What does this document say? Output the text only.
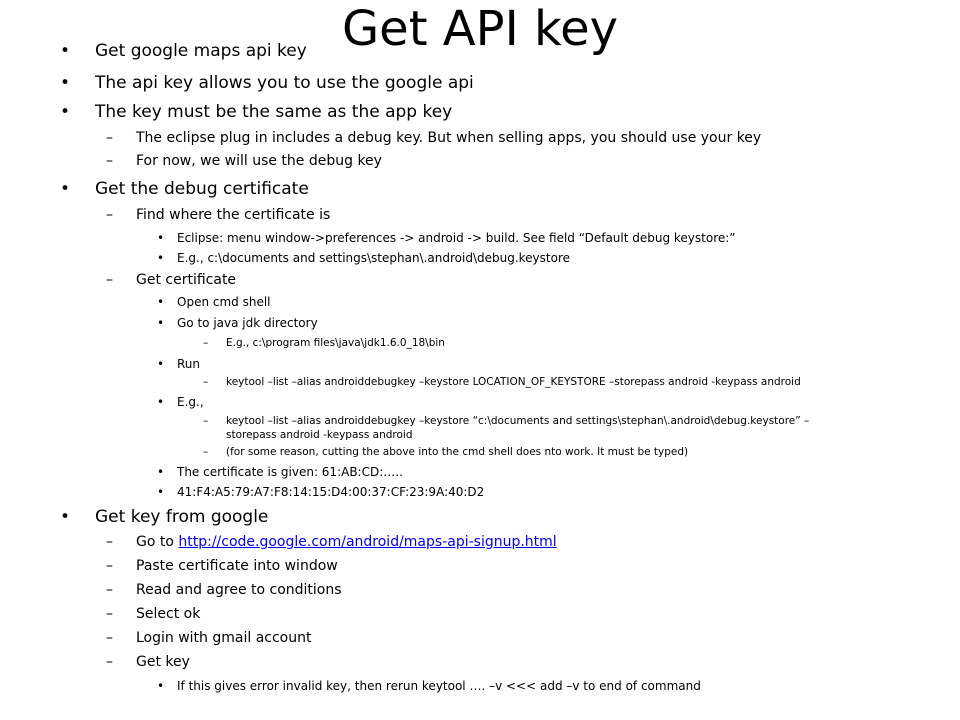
Get API key
• Get google maps api key
• The api key allows you to use the google api
• The key must be the same as the app key
– The eclipse plug in includes a debug key. But when selling apps, you should use your key
– For now, we will use the debug key
• Get the debug certificate
– Find where the certificate is
• Eclipse: menu window->preferences -> android -> build. See field “Default debug keystore:”
• E.g., c:\documents and settings\stephan\.android\debug.keystore
– Get certificate
• Open cmd shell
• Go to java jdk directory
– E.g., c:\program files\java\jdk1.6.0_18\bin
• Run
– keytool –list –alias androiddebugkey –keystore LOCATION_OF_KEYSTORE –storepass android -keypass android
• E.g.,
– keytool –list –alias androiddebugkey –keystore “c:\documents and settings\stephan\.android\debug.keystore” –
storepass android -keypass android
– (for some reason, cutting the above into the cmd shell does nto work. It must be typed)
• The certificate is given: 61:AB:CD:…..
• 41:F4:A5:79:A7:F8:14:15:D4:00:37:CF:23:9A:40:D2
• Get key from google
– Go to http://code.google.com/android/maps-api-signup.html
– Paste certificate into window
– Read and agree to conditions
– Select ok
– Login with gmail account
– Get key
• If this gives error invalid key, then rerun keytool …. –v <<< add –v to end of command
